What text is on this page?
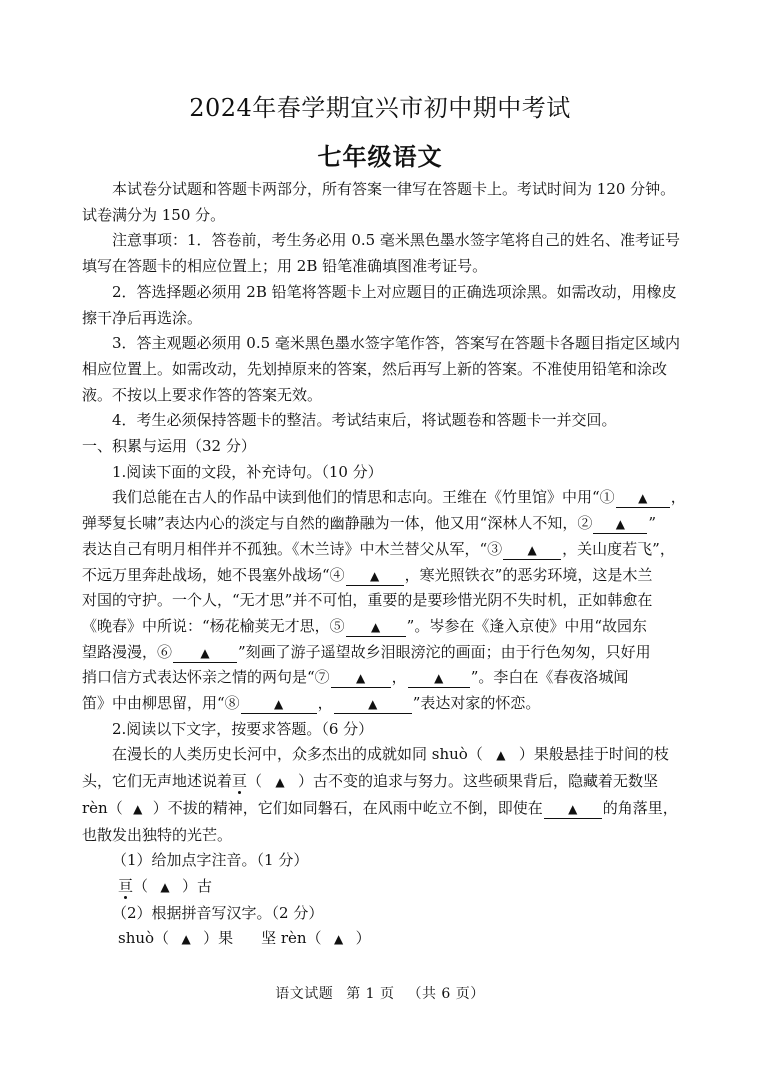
2024年春学期宜兴市初中期中考试
七年级语文
本试卷分试题和答题卡两部分，所有答案一律写在答题卡上。考试时间为 120 分钟。
试卷满分为 150 分。
注意事项：1．答卷前，考生务必用 0.5 毫米黑色墨水签字笔将自己的姓名、准考证号
填写在答题卡的相应位置上；用 2B 铅笔准确填图准考证号。
2．答选择题必须用 2B 铅笔将答题卡上对应题目的正确选项涂黑。如需改动，用橡皮
擦干净后再选涂。
3．答主观题必须用 0.5 毫米黑色墨水签字笔作答，答案写在答题卡各题目指定区域内
相应位置上。如需改动，先划掉原来的答案，然后再写上新的答案。不准使用铅笔和涂改
液。不按以上要求作答的答案无效。
4．考生必须保持答题卡的整洁。考试结束后，将试题卷和答题卡一并交回。
一、积累与运用（32 分）
1.阅读下面的文段，补充诗句。（10 分）
我们总能在古人的作品中读到他们的情思和志向。王维在《竹里馆》中用“① ▲ ，
弹琴复长啸”表达内心的淡定与自然的幽静融为一体，他又用“深林人不知，② ▲ ”
表达自己有明月相伴并不孤独。《木兰诗》中木兰替父从军，“③ ▲ ，关山度若飞”，
不远万里奔赴战场，她不畏塞外战场“④ ▲ ，寒光照铁衣”的恶劣环境，这是木兰
对国的守护。一个人，“无才思”并不可怕，重要的是要珍惜光阴不失时机，正如韩愈在
《晚春》中所说：“杨花榆荚无才思，⑤ ▲ ”。岑参在《逢入京使》中用“故园东
望路漫漫，⑥ ▲ ”刻画了游子遥望故乡泪眼滂沱的画面；由于行色匆匆，只好用
捎口信方式表达怀亲之情的两句是“⑦ ▲ ， ▲ ”。李白在《春夜洛城闻
笛》中由柳思留，用“⑧	▲ ，	▲ ”表达对家的怀恋。
2.阅读以下文字，按要求答题。（6 分）
在漫长的人类历史长河中，众多杰出的成就如同 shuò（ ▲ ）果般悬挂于时间的枝
头，它们无声地述说着亘（ ▲ ）古不变的追求与努力。这些硕果背后，隐藏着无数坚
rèn（ ▲ ）不拔的精神，它们如同磐石，在风雨中屹立不倒，即使在 ▲ 的角落里，
也散发出独特的光芒。
（1）给加点字注音。（1 分）
亘（ ▲ ）古
（2）根据拼音写汉字。（2 分）
shuò（ ▲ ）果 坚 rèn（ ▲ ）
语文试题 第 1 页 （共 6 页）
